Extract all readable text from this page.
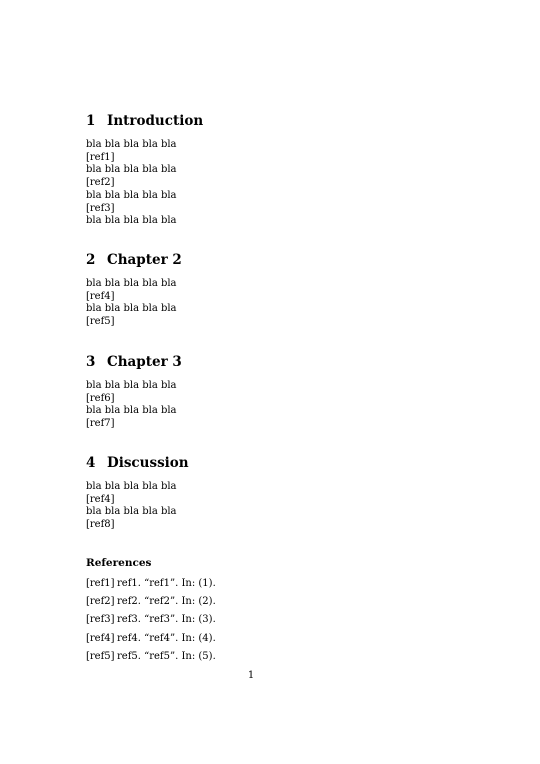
1 Introduction
bla bla bla bla bla
[ref1]
bla bla bla bla bla
[ref2]
bla bla bla bla bla
[ref3]
bla bla bla bla bla
2 Chapter 2
bla bla bla bla bla
[ref4]
bla bla bla bla bla
[ref5]
3 Chapter 3
bla bla bla bla bla
[ref6]
bla bla bla bla bla
[ref7]
4 Discussion
bla bla bla bla bla
[ref4]
bla bla bla bla bla
[ref8]
References
[ref1] ref1. “ref1”. In: (1).
[ref2] ref2. “ref2”. In: (2).
[ref3] ref3. “ref3”. In: (3).
[ref4] ref4. “ref4”. In: (4).
[ref5] ref5. “ref5”. In: (5).
1
